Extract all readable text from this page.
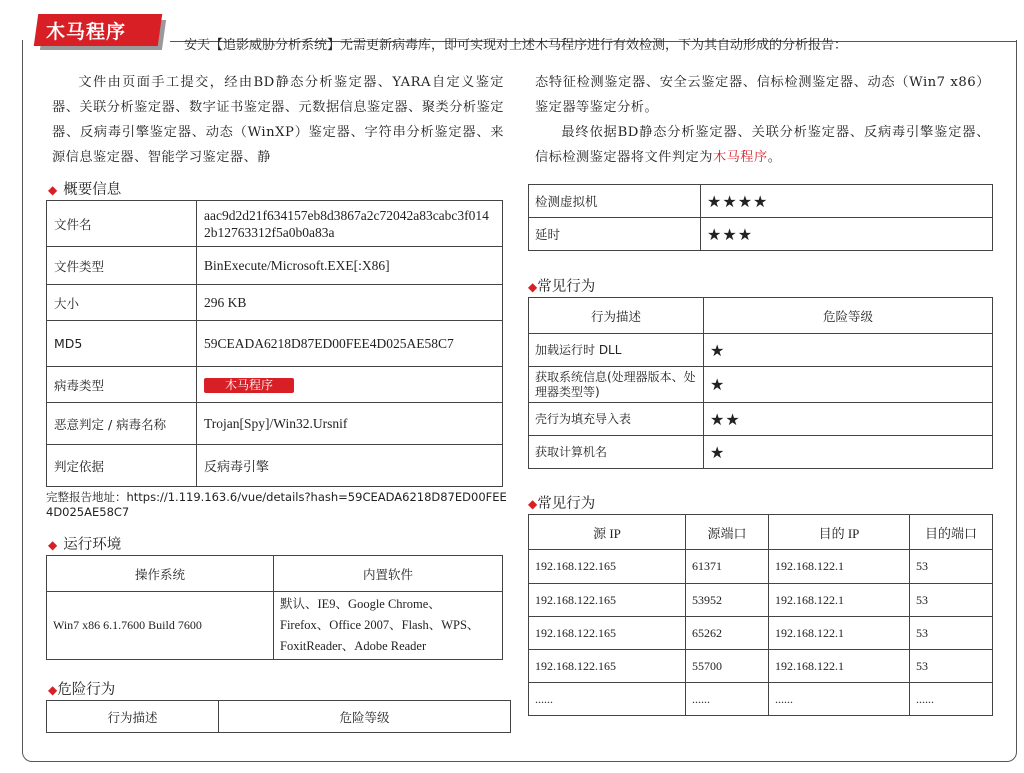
木马程序
安天【追影威胁分析系统】无需更新病毒库，即可实现对上述木马程序进行有效检测，下为其自动形成的分析报告：

文件由页面手工提交，经由BD静态分析鉴定器、YARA自定义鉴定器、关联分析鉴定器、数字证书鉴定器、元数据信息鉴定器、聚类分析鉴定器、反病毒引擎鉴定器、动态（WinXP）鉴定器、字符串分析鉴定器、来源信息鉴定器、智能学习鉴定器、静

态特征检测鉴定器、安全云鉴定器、信标检测鉴定器、动态（Win7 x86）鉴定器等鉴定分析。

最终依据BD静态分析鉴定器、关联分析鉴定器、反病毒引擎鉴定器、信标检测鉴定器将文件判定为木马程序。

◆ 概要信息
文件名	aac9d2d21f634157eb8d3867a2c72042a83cabc3f0142b12763312f5a0b0a83a
文件类型	BinExecute/Microsoft.EXE[:X86]
大小	296 KB
MD5	59CEADA6218D87ED00FEE4D025AE58C7
病毒类型	木马程序
恶意判定 / 病毒名称	Trojan[Spy]/Win32.Ursnif
判定依据	反病毒引擎
完整报告地址：https://1.119.163.6/vue/details?hash=59CEADA6218D87ED00FEE4D025AE58C7
◆ 运行环境
操作系统	内置软件
Win7 x86 6.1.7600 Build 7600	默认、IE9、Google Chrome、
Firefox、Office 2007、Flash、WPS、
FoxitReader、Adobe Reader
◆危险行为
行为描述	危险等级
检测虚拟机	★★★★
延时	★★★
◆常见行为
行为描述	危险等级
加载运行时 DLL	★
获取系统信息(处理器版本、处理器类型等)	★
壳行为填充导入表	★★
获取计算机名	★
◆常见行为
源 IP	源端口	目的 IP	目的端口
192.168.122.165	61371	192.168.122.1	53
192.168.122.165	53952	192.168.122.1	53
192.168.122.165	65262	192.168.122.1	53
192.168.122.165	55700	192.168.122.1	53
......	......	......	......
